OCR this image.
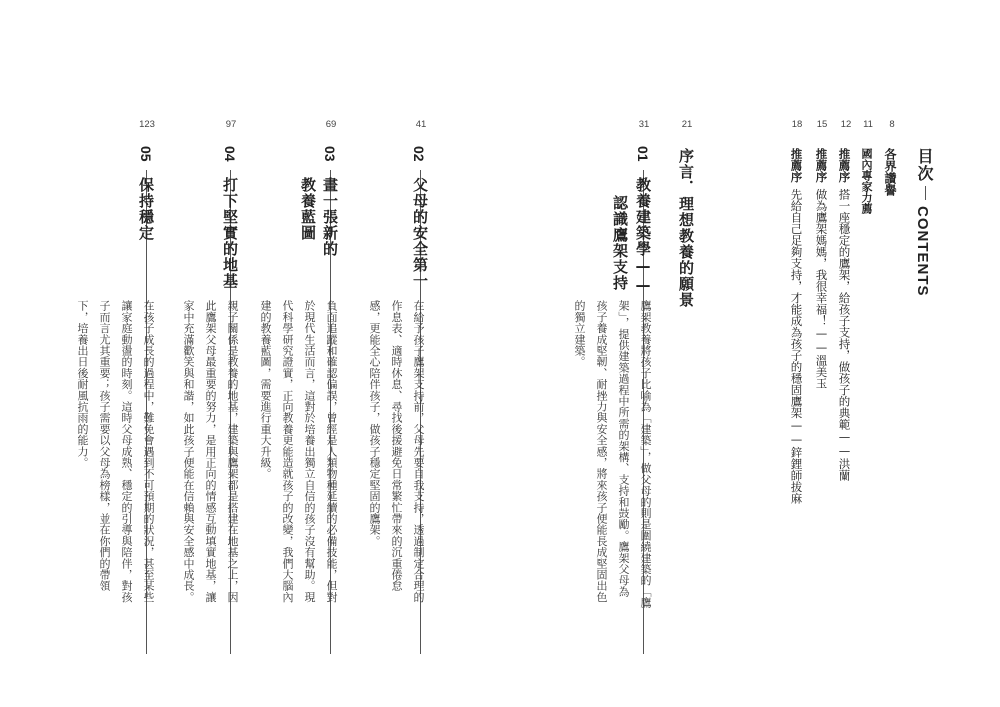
8
11
12
15
18
21
31
41
69
97
123
目次
CONTENTS
各界讚譽
國內專家力薦
推薦序搭一座穩定的鷹架，給孩子支持，做孩子的典範——洪蘭
推薦序做為鷹架媽媽，我很幸福！——溫美玉
推薦序先給自己足夠支持，才能成為孩子的穩固鷹架——鋅鋰師拔麻
序言．理想教養的願景
01
教養建築學——
認識鷹架支持
鷹架教養將孩子比喻為「建築」，做父母的則是圍繞建築的「鷹
架」，提供建築過程中所需的架構、支持和鼓勵。鷹架父母為
孩子養成堅韌、耐挫力與安全感，將來孩子便能長成堅固出色
的獨立建築。
02
父母的安全第一
在給予孩子鷹架支持前，父母先要自我支持，透過制定合理的
作息表、適時休息、尋找後援避免日常繁忙帶來的沉重倦怠
感，更能全心陪伴孩子，做孩子穩定堅固的鷹架。
03
畫一張新的
教養藍圖
負面追蹤和確認偏誤，曾經是人類物種延續的必備技能，但對
於現代生活而言，這對於培養出獨立自信的孩子沒有幫助。現
代科學研究證實，正向教養更能造就孩子的改變，我們大腦內
建的教養藍圖，需要進行重大升級。
04
打下堅實的地基
親子關係是教養的地基，建築與鷹架都是搭建在地基之上，因
此鷹架父母最重要的努力，是用正向的情感互動填實地基，讓
家中充滿歡笑與和諧，如此孩子便能在信賴與安全感中成長。
05
保持穩定
在孩子成長的過程中，難免會遇到不可預期的狀況，甚至某些
讓家庭動盪的時刻。這時父母成熟、穩定的引導與陪伴，對孩
子而言尤其重要；孩子需要以父母為榜樣，並在你們的帶領
下，培養出日後耐風抗雨的能力。
